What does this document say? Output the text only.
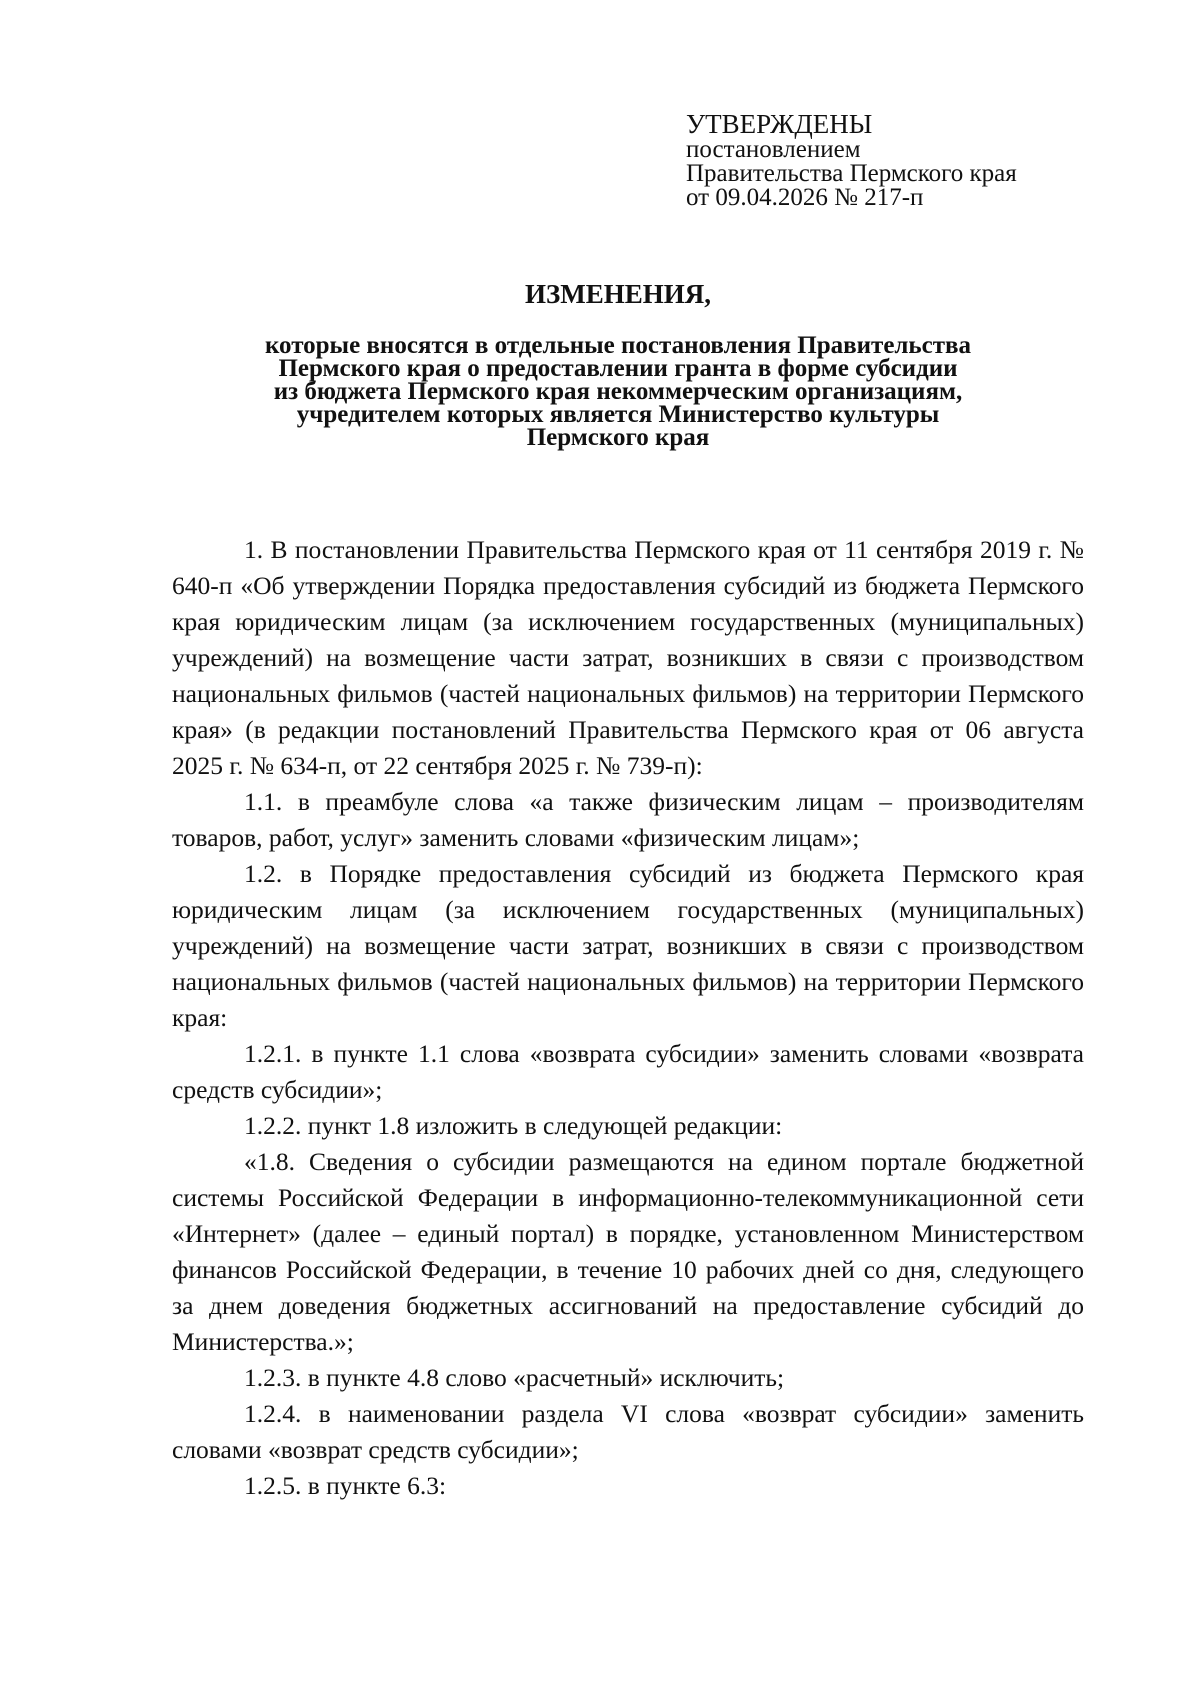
УТВЕРЖДЕНЫ
постановлением
Правительства Пермского края
от 09.04.2026 № 217-п
ИЗМЕНЕНИЯ,
которые вносятся в отдельные постановления Правительства
Пермского края о предоставлении гранта в форме субсидии
из бюджета Пермского края некоммерческим организациям,
учредителем которых является Министерство культуры
Пермского края

1. В постановлении Правительства Пермского края от 11 сентября 2019 г. № 640-п «Об утверждении Порядка предоставления субсидий из бюджета Пермского края юридическим лицам (за исключением государственных (муниципальных) учреждений) на возмещение части затрат, возникших в связи с производством национальных фильмов (частей национальных фильмов) на территории Пермского края» (в редакции постановлений Правительства Пермского края от 06 августа 2025 г. № 634-п, от 22 сентября 2025 г. № 739-п):

1.1. в преамбуле слова «а также физическим лицам – производителям товаров, работ, услуг» заменить словами «физическим лицам»;

1.2. в Порядке предоставления субсидий из бюджета Пермского края юридическим лицам (за исключением государственных (муниципальных) учреждений) на возмещение части затрат, возникших в связи с производством национальных фильмов (частей национальных фильмов) на территории Пермского края:

1.2.1. в пункте 1.1 слова «возврата субсидии» заменить словами «возврата средств субсидии»;

1.2.2. пункт 1.8 изложить в следующей редакции:

«1.8. Сведения о субсидии размещаются на едином портале бюджетной системы Российской Федерации в информационно-телекоммуникационной сети «Интернет» (далее – единый портал) в порядке, установленном Министерством финансов Российской Федерации, в течение 10 рабочих дней со дня, следующего за днем доведения бюджетных ассигнований на предоставление субсидий до Министерства.»;

1.2.3. в пункте 4.8 слово «расчетный» исключить;

1.2.4. в наименовании раздела VI слова «возврат субсидии» заменить словами «возврат средств субсидии»;

1.2.5. в пункте 6.3:
